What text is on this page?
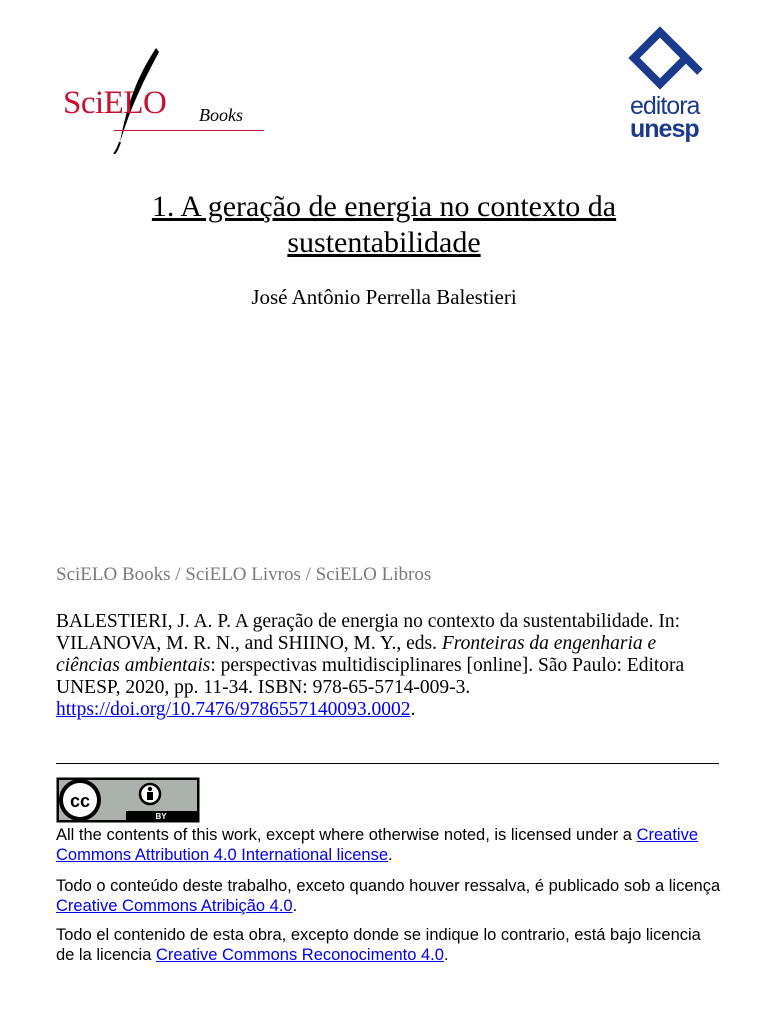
SciELO Books	editora
unesp
1. A geração de energia no contexto da sustentabilidade

José Antônio Perrella Balestieri

SciELO Books / SciELO Livros / SciELO Libros
BALESTIERI, J. A. P. A geração de energia no contexto da sustentabilidade. In: VILANOVA, M. R. N., and SHIINO, M. Y., eds. Fronteiras da engenharia e ciências ambientais: perspectivas multidisciplinares [online]. São Paulo: Editora UNESP, 2020, pp. 11-34. ISBN: 978-65-5714-009-3. https://doi.org/10.7476/9786557140093.0002.
cc
BY

All the contents of this work, except where otherwise noted, is licensed under a Creative Commons Attribution 4.0 International license.

Todo o conteúdo deste trabalho, exceto quando houver ressalva, é publicado sob a licença Creative Commons Atribição 4.0.

Todo el contenido de esta obra, excepto donde se indique lo contrario, está bajo licencia de la licencia Creative Commons Reconocimento 4.0.
